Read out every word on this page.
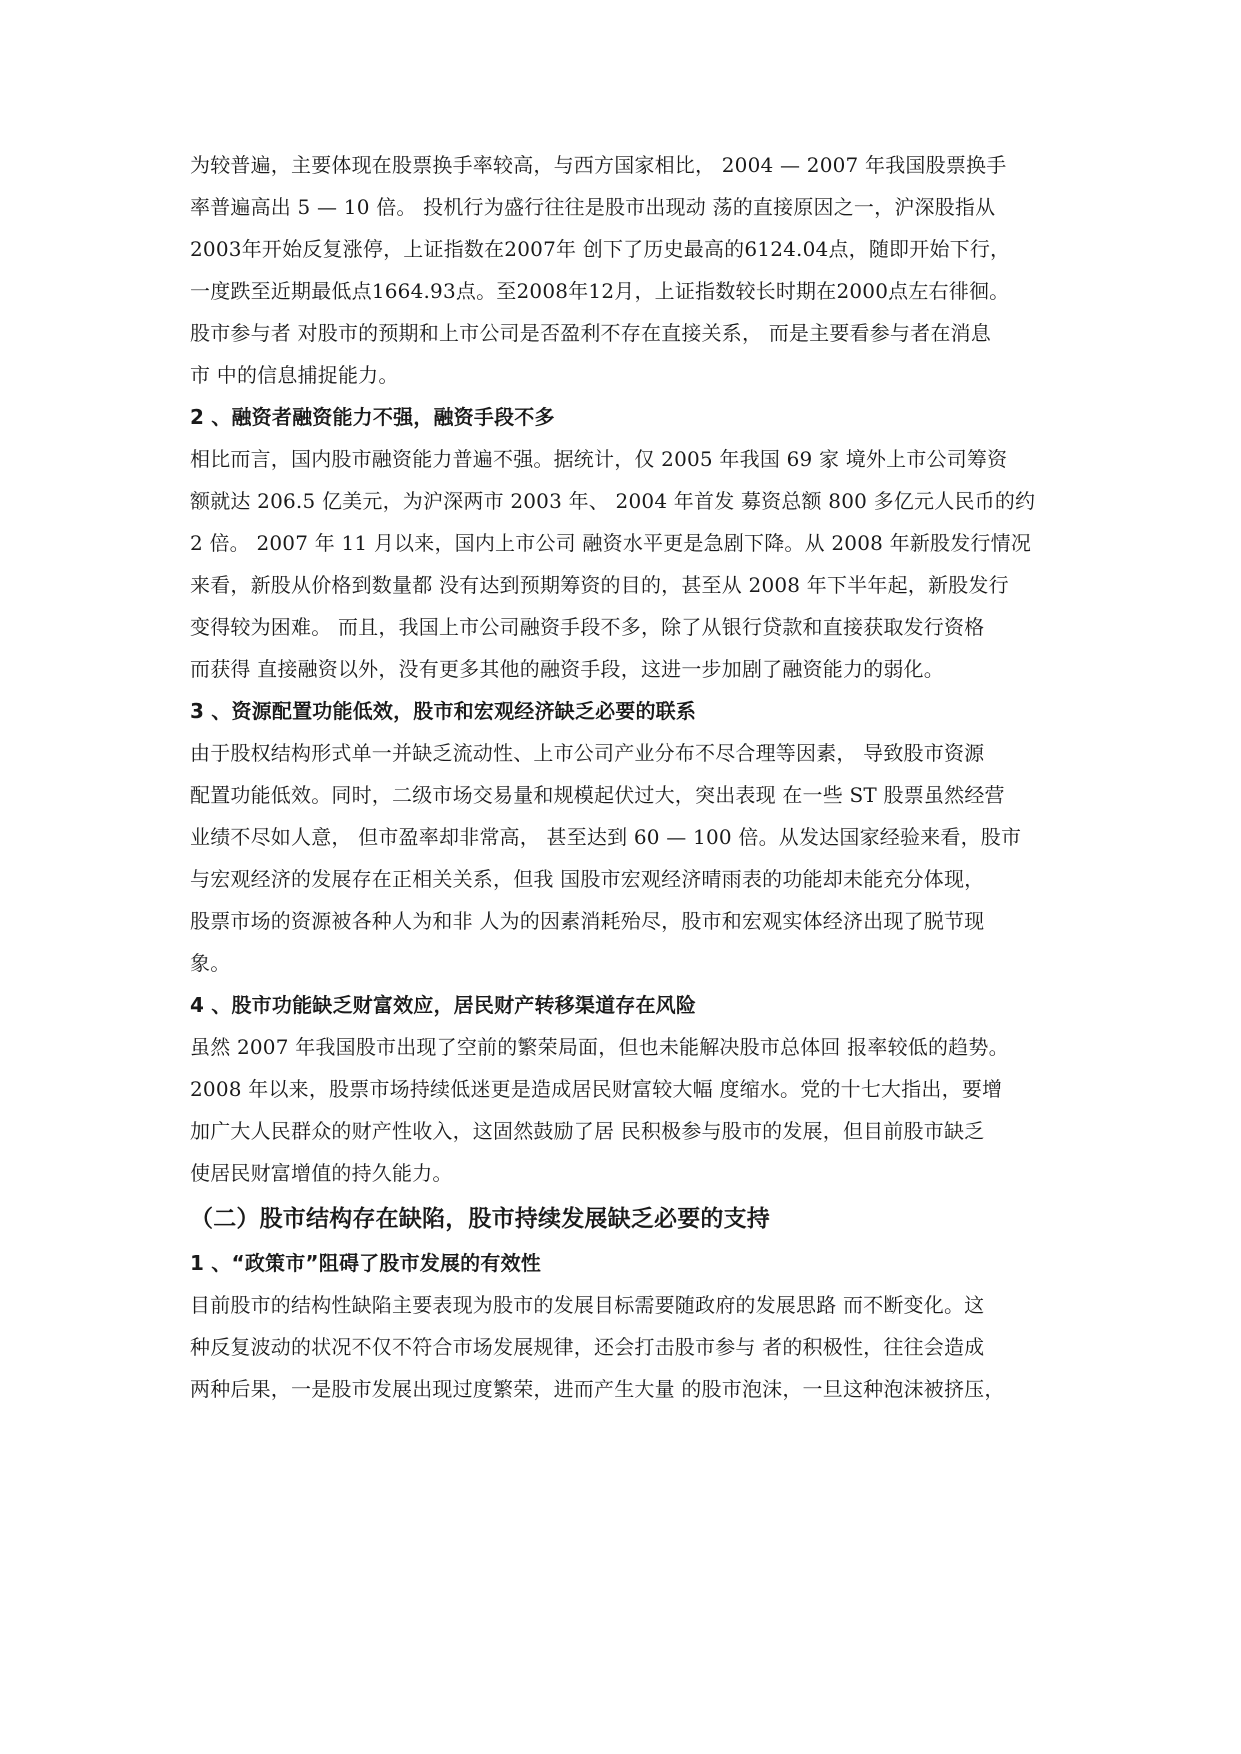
为较普遍，主要体现在股票换手率较高，与西方国家相比， 2004 — 2007 年我国股票换手
率普遍高出 5 — 10 倍。 投机行为盛行往往是股市出现动 荡的直接原因之一，沪深股指从
2003年开始反复涨停，上证指数在2007年 创下了历史最高的6124.04点，随即开始下行，
一度跌至近期最低点1664.93点。至2008年12月，上证指数较长时期在2000点左右徘徊。
股市参与者 对股市的预期和上市公司是否盈利不存在直接关系， 而是主要看参与者在消息
市 中的信息捕捉能力。
2 、融资者融资能力不强，融资手段不多
相比而言，国内股市融资能力普遍不强。据统计，仅 2005 年我国 69 家 境外上市公司筹资
额就达 206.5 亿美元，为沪深两市 2003 年、 2004 年首发 募资总额 800 多亿元人民币的约
2 倍。 2007 年 11 月以来，国内上市公司 融资水平更是急剧下降。从 2008 年新股发行情况
来看，新股从价格到数量都 没有达到预期筹资的目的，甚至从 2008 年下半年起，新股发行
变得较为困难。 而且，我国上市公司融资手段不多，除了从银行贷款和直接获取发行资格
而获得 直接融资以外，没有更多其他的融资手段，这进一步加剧了融资能力的弱化。
3 、资源配置功能低效，股市和宏观经济缺乏必要的联系
由于股权结构形式单一并缺乏流动性、上市公司产业分布不尽合理等因素， 导致股市资源
配置功能低效。同时，二级市场交易量和规模起伏过大，突出表现 在一些 ST 股票虽然经营
业绩不尽如人意， 但市盈率却非常高， 甚至达到 60 — 100 倍。从发达国家经验来看，股市
与宏观经济的发展存在正相关关系，但我 国股市宏观经济晴雨表的功能却未能充分体现，
股票市场的资源被各种人为和非 人为的因素消耗殆尽，股市和宏观实体经济出现了脱节现
象。
4 、股市功能缺乏财富效应，居民财产转移渠道存在风险
虽然 2007 年我国股市出现了空前的繁荣局面，但也未能解决股市总体回 报率较低的趋势。
2008 年以来，股票市场持续低迷更是造成居民财富较大幅 度缩水。党的十七大指出，要增
加广大人民群众的财产性收入，这固然鼓励了居 民积极参与股市的发展，但目前股市缺乏
使居民财富增值的持久能力。
（二）股市结构存在缺陷，股市持续发展缺乏必要的支持
1 、“政策市”阻碍了股市发展的有效性
目前股市的结构性缺陷主要表现为股市的发展目标需要随政府的发展思路 而不断变化。这
种反复波动的状况不仅不符合市场发展规律，还会打击股市参与 者的积极性，往往会造成
两种后果，一是股市发展出现过度繁荣，进而产生大量 的股市泡沫，一旦这种泡沫被挤压，
